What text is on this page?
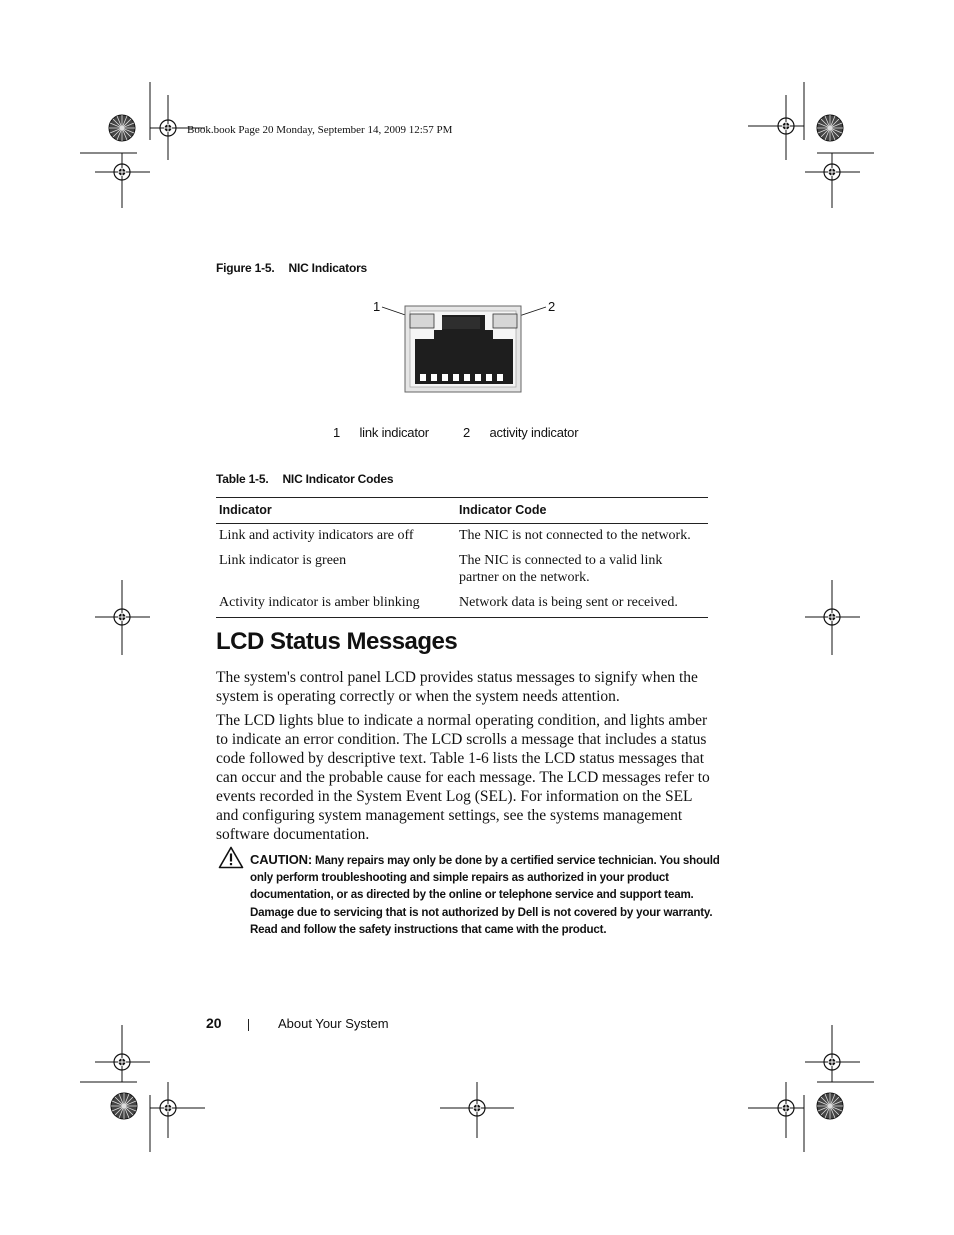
Book.book Page 20 Monday, September 14, 2009 12:57 PM
Figure 1-5. NIC Indicators
1	2
1 link indicator	2 activity indicator
Table 1-5. NIC Indicator Codes
Indicator	Indicator Code
Link and activity indicators are off	The NIC is not connected to the network.
Link indicator is green	The NIC is connected to a valid link partner on the network.
Activity indicator is amber blinking	Network data is being sent or received.
LCD Status Messages

The system's control panel LCD provides status messages to signify when the system is operating correctly or when the system needs attention.

The LCD lights blue to indicate a normal operating condition, and lights amber to indicate an error condition. The LCD scrolls a message that includes a status code followed by descriptive text. Table 1-6 lists the LCD status messages that can occur and the probable cause for each message. The LCD messages refer to events recorded in the System Event Log (SEL). For information on the SEL and configuring system management settings, see the systems management software documentation.

CAUTION: Many repairs may only be done by a certified service technician. You should only perform troubleshooting and simple repairs as authorized in your product documentation, or as directed by the online or telephone service and support team. Damage due to servicing that is not authorized by Dell is not covered by your warranty. Read and follow the safety instructions that came with the product.
20	About Your System
